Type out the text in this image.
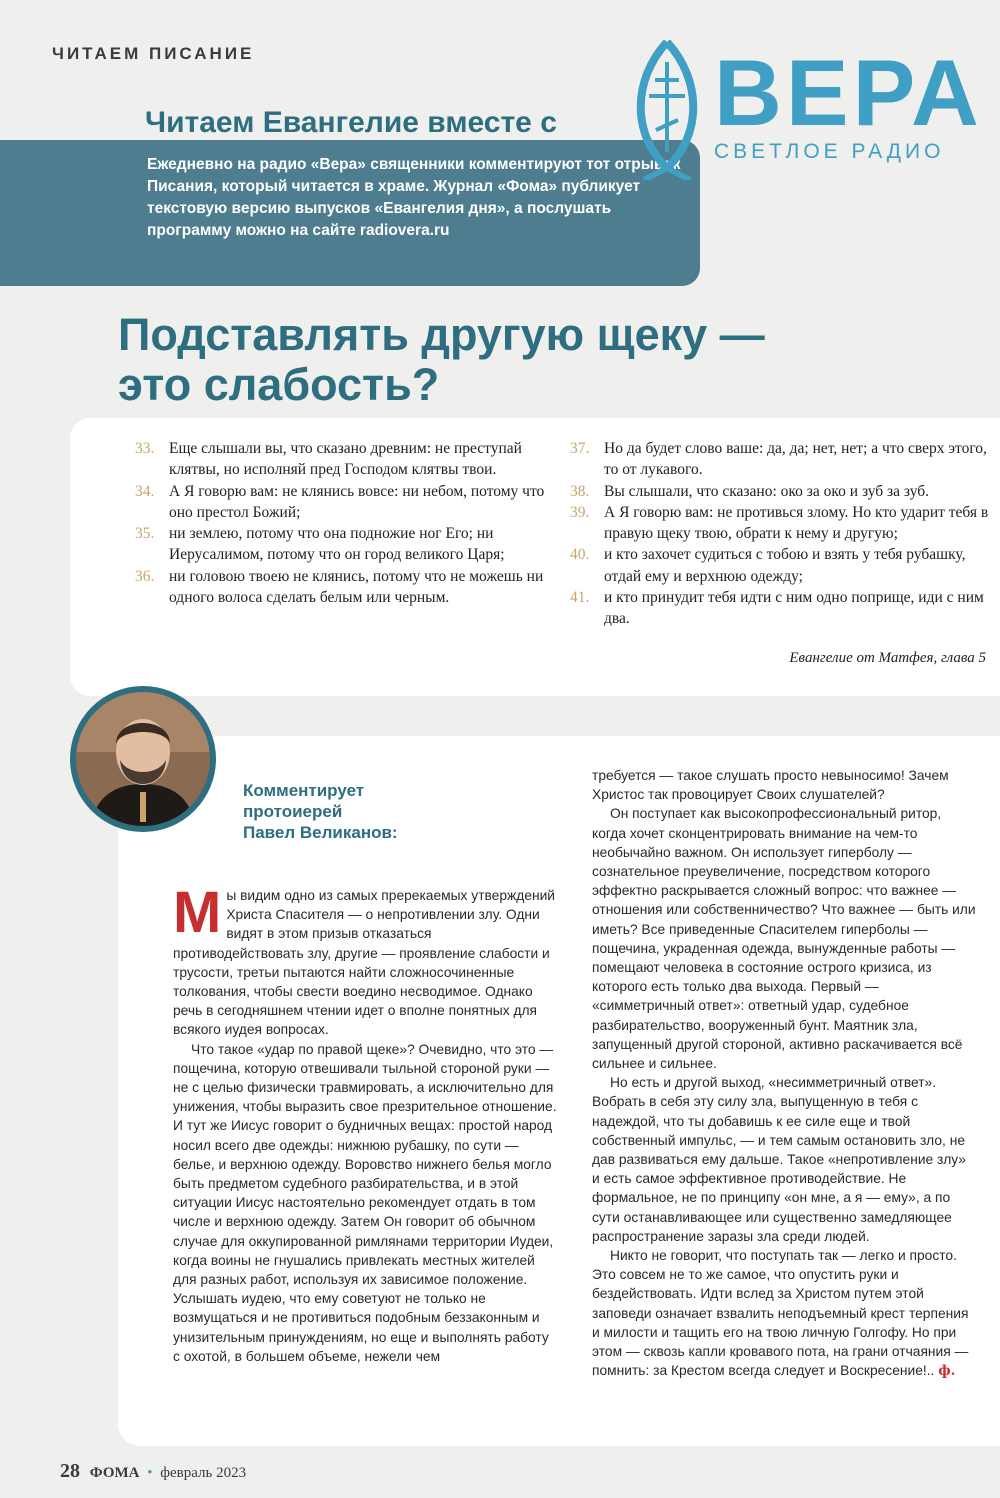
ЧИТАЕМ ПИСАНИЕ

Ежедневно на радио «Вера» священники комментируют тот отрывок Писания, который читается в храме. Журнал «Фома» публикует текстовую версию выпусков «Евангелия дня», а послушать программу можно на сайте radiovera.ru

Читаем Евангелие вместе с ВЕРА
СВЕТЛОЕ РАДИО
Подставлять другую щеку —
это слабость?
33. Еще слышали вы, что сказано древним: не преступай клятвы, но исполняй пред Господом клятвы твои.
34. А Я говорю вам: не клянись вовсе: ни небом, потому что оно престол Божий;
35. ни землею, потому что она подножие ног Его; ни Иерусалимом, потому что он город великого Царя;
36. ни головою твоею не клянись, потому что не можешь ни одного волоса сделать белым или черным.
37. Но да будет слово ваше: да, да; нет, нет; а что сверх этого, то от лукавого.
38. Вы слышали, что сказано: око за око и зуб за зуб.
39. А Я говорю вам: не противься злому. Но кто ударит тебя в правую щеку твою, обрати к нему и другую;
40. и кто захочет судиться с тобою и взять у тебя рубашку, отдай ему и верхнюю одежду;
41. и кто принудит тебя идти с ним одно поприще, иди с ним два.
Евангелие от Матфея, глава 5
Комментирует
протоиерей
Павел Великанов:

Мы видим одно из самых пререкаемых утверждений Христа Спасителя — о непротивлении злу. Одни видят в этом призыв отказаться противодействовать злу, другие — проявление слабости и трусости, третьи пытаются найти сложносочиненные толкования, чтобы свести воедино несводимое. Однако речь в сегодняшнем чтении идет о вполне понятных для всякого иудея вопросах.

Что такое «удар по правой щеке»? Очевидно, что это — пощечина, которую отвешивали тыльной стороной руки — не с целью физически травмировать, а исключительно для унижения, чтобы выразить свое презрительное отношение. И тут же Иисус говорит о будничных вещах: простой народ носил всего две одежды: нижнюю рубашку, по сути — белье, и верхнюю одежду. Воровство нижнего белья могло быть предметом судебного разбирательства, и в этой ситуации Иисус настоятельно рекомендует отдать в том числе и верхнюю одежду. Затем Он говорит об обычном случае для оккупированной римлянами территории Иудеи, когда воины не гнушались привлекать местных жителей для разных работ, используя их зависимое положение. Услышать иудею, что ему советуют не только не возмущаться и не противиться подобным беззаконным и унизительным принуждениям, но еще и выполнять работу с охотой, в большем объеме, нежели чем

требуется — такое слушать просто невыносимо! Зачем Христос так провоцирует Своих слушателей?

Он поступает как высокопрофессиональный ритор, когда хочет сконцентрировать внимание на чем-то необычайно важном. Он использует гиперболу — сознательное преувеличение, посредством которого эффектно раскрывается сложный вопрос: что важнее — отношения или собственничество? Что важнее — быть или иметь? Все приведенные Спасителем гиперболы — пощечина, украденная одежда, вынужденные работы — помещают человека в состояние острого кризиса, из которого есть только два выхода. Первый — «симметричный ответ»: ответный удар, судебное разбирательство, вооруженный бунт. Маятник зла, запущенный другой стороной, активно раскачивается всё сильнее и сильнее.

Но есть и другой выход, «несимметричный ответ». Вобрать в себя эту силу зла, выпущенную в тебя с надеждой, что ты добавишь к ее силе еще и твой собственный импульс, — и тем самым остановить зло, не дав развиваться ему дальше. Такое «непротивление злу» и есть самое эффективное противодействие. Не формальное, не по принципу «он мне, а я — ему», а по сути останавливающее или существенно замедляющее распространение заразы зла среди людей.

Никто не говорит, что поступать так — легко и просто. Это совсем не то же самое, что опустить руки и бездействовать. Идти вслед за Христом путем этой заповеди означает взвалить неподъемный крест терпения и милости и тащить его на твою личную Голгофу. Но при этом — сквозь капли кровавого пота, на грани отчаяния — помнить: за Крестом всегда следует и Воскресение!.. ф.

28 ФОМА • февраль 2023
